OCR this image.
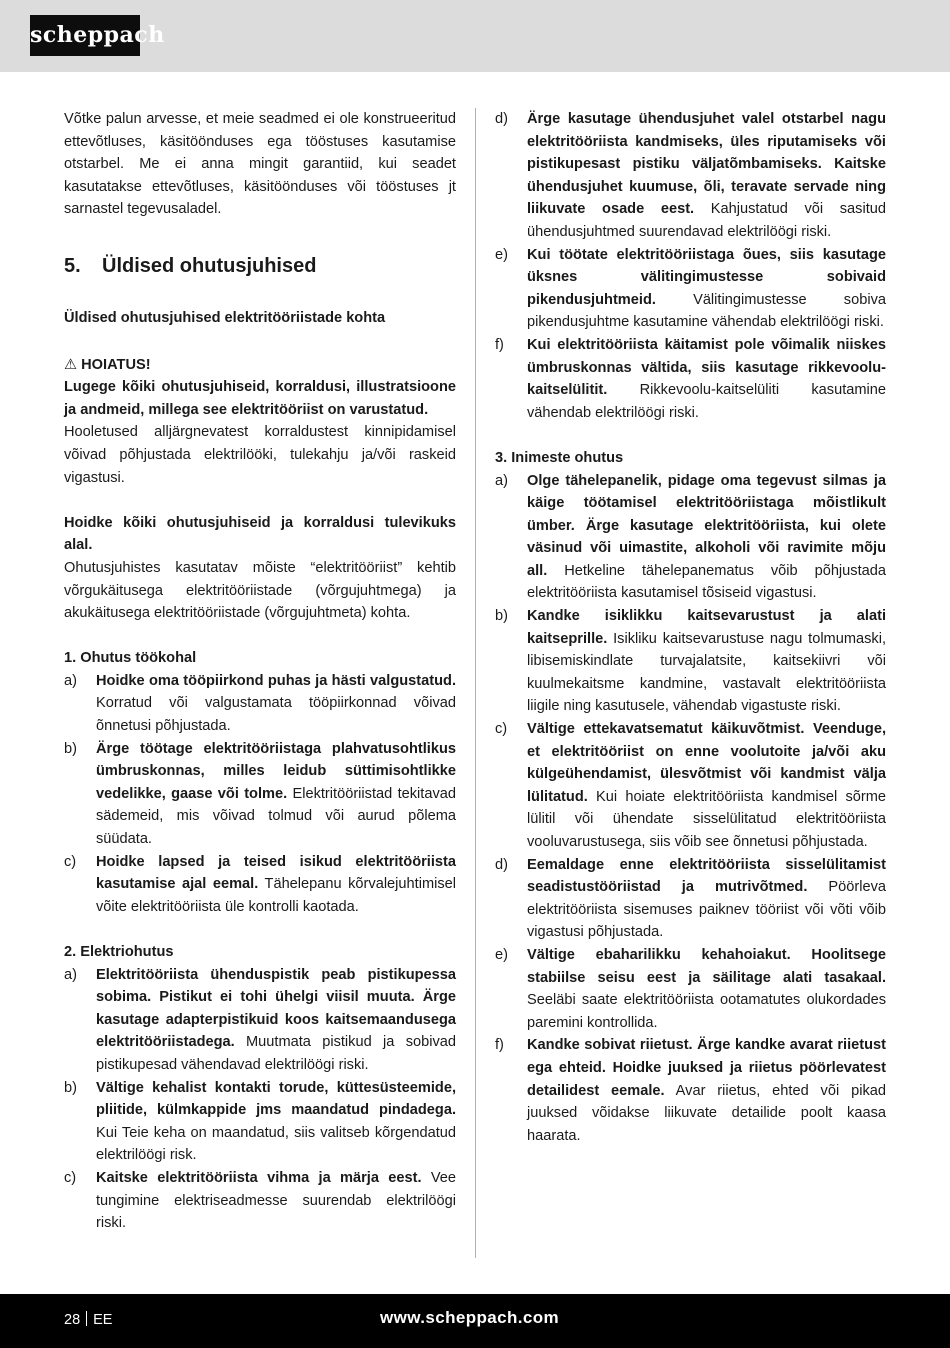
scheppach

Võtke palun arvesse, et meie seadmed ei ole konstrueeritud ettevõtluses, käsitöönduses ega tööstuses kasutamise otstarbel. Me ei anna mingit garantiid, kui seadet kasutatakse ettevõtluses, käsitöönduses või tööstuses jt sarnastel tegevusaladel.

5. Üldised ohutusjuhised

Üldised ohutusjuhised elektritööriistade kohta

⚠ HOIATUS!

Lugege kõiki ohutusjuhiseid, korraldusi, illustratsioone ja andmeid, millega see elektritööriist on varustatud.

Hooletused alljärgnevatest korraldustest kinnipidamisel võivad põhjustada elektrilööki, tulekahju ja/või raskeid vigastusi.

Hoidke kõiki ohutusjuhiseid ja korraldusi tulevikuks alal.

Ohutusjuhistes kasutatav mõiste “elektritööriist” kehtib võrgukäitusega elektritööriistade (võrgujuhtmega) ja akukäitusega elektritööriistade (võrgujuhtmeta) kohta.

1. Ohutus töökohal

a)	Hoidke oma tööpiirkond puhas ja hästi valgustatud. Korratud või valgustamata tööpiirkonnad võivad õnnetusi põhjustada.
b)	Ärge töötage elektritööriistaga plahvatusohtlikus ümbruskonnas, milles leidub süttimisohtlikke vedelikke, gaase või tolme. Elektritööriistad tekitavad sädemeid, mis võivad tolmud või aurud põlema süüdata.
c)	Hoidke lapsed ja teised isikud elektritööriista kasutamise ajal eemal. Tähelepanu kõrvalejuhtimisel võite elektritööriista üle kontrolli kaotada.

2. Elektriohutus

a)	Elektritööriista ühenduspistik peab pistikupessa sobima. Pistikut ei tohi ühelgi viisil muuta. Ärge kasutage adapterpistikuid koos kaitsemaandusega elektritööriistadega. Muutmata pistikud ja sobivad pistikupesad vähendavad elektrilöögi riski.
b)	Vältige kehalist kontakti torude, küttesüsteemide, pliitide, külmkappide jms maandatud pindadega. Kui Teie keha on maandatud, siis valitseb kõrgendatud elektrilöögi risk.
c)	Kaitske elektritööriista vihma ja märja eest. Vee tungimine elektriseadmesse suurendab elektrilöögi riski.
d)	Ärge kasutage ühendusjuhet valel otstarbel nagu elektritööriista kandmiseks, üles riputamiseks või pistikupesast pistiku väljatõmbamiseks. Kaitske ühendusjuhet kuumuse, õli, teravate servade ning liikuvate osade eest. Kahjustatud või sasitud ühendusjuhtmed suurendavad elektrilöögi riski.
e)	Kui töötate elektritööriistaga õues, siis kasutage üksnes välitingimustesse sobivaid pikendusjuhtmeid. Välitingimustesse sobiva pikendusjuhtme kasutamine vähendab elektrilöögi riski.
f)	Kui elektritööriista käitamist pole võimalik niiskes ümbruskonnas vältida, siis kasutage rikkevoolu-kaitselülitit. Rikkevoolu-kaitselüliti kasutamine vähendab elektrilöögi riski.

3. Inimeste ohutus

a)	Olge tähelepanelik, pidage oma tegevust silmas ja käige töötamisel elektritööriistaga mõistlikult ümber. Ärge kasutage elektritööriista, kui olete väsinud või uimastite, alkoholi või ravimite mõju all. Hetkeline tähelepanematus võib põhjustada elektritööriista kasutamisel tõsiseid vigastusi.
b)	Kandke isiklikku kaitsevarustust ja alati kaitseprille. Isikliku kaitsevarustuse nagu tolmumaski, libisemiskindlate turvajalatsite, kaitsekiivri või kuulmekaitsme kandmine, vastavalt elektritööriista liigile ning kasutusele, vähendab vigastuste riski.
c)	Vältige ettekavatsematut käikuvõtmist. Veenduge, et elektritööriist on enne voolutoite ja/või aku külgeühendamist, ülesvõtmist või kandmist välja lülitatud. Kui hoiate elektritööriista kandmisel sõrme lülitil või ühendate sisselülitatud elektritööriista vooluvarustusega, siis võib see õnnetusi põhjustada.
d)	Eemaldage enne elektritööriista sisselülitamist seadistustööriistad ja mutrivõtmed. Pöörleva elektritööriista sisemuses paiknev tööriist või võti võib vigastusi põhjustada.
e)	Vältige ebaharilikku kehahoiakut. Hoolitsege stabiilse seisu eest ja säilitage alati tasakaal. Seeläbi saate elektritööriista ootamatutes olukordades paremini kontrollida.
f)	Kandke sobivat riietust. Ärge kandke avarat riietust ega ehteid. Hoidke juuksed ja riietus pöörlevatest detailidest eemale. Avar riietus, ehted või pikad juuksed võidakse liikuvate detailide poolt kaasa haarata.
28 EE	www.scheppach.com
